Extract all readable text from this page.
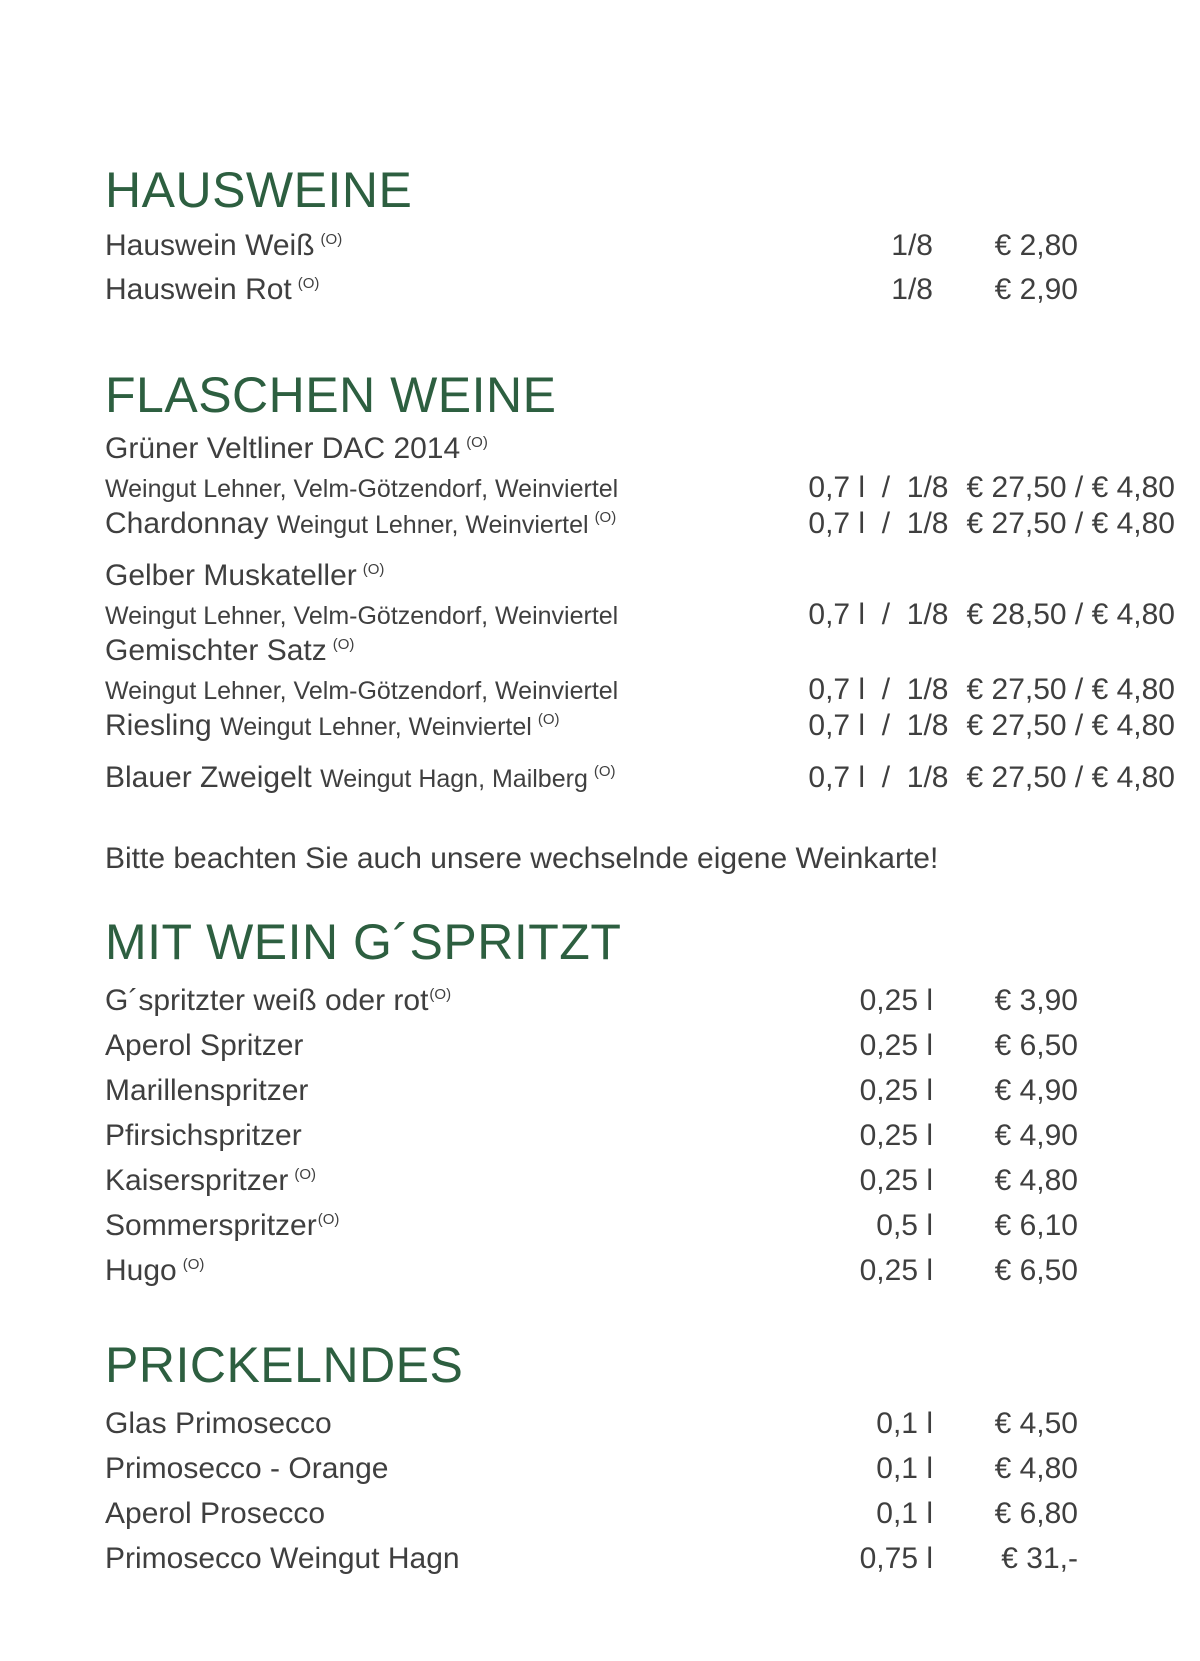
HAUSWEINE
Hauswein Weiß $^{(O)}$	1/8	€ 2,80
Hauswein Rot $^{(O)}$	1/8	€ 2,90
FLASCHEN WEINE
Grüner Veltliner DAC 2014 $^{(O)}$
Weingut Lehner, Velm-Götzendorf, Weinviertel	0,7 l  /  1/8 € 27,50 / € 4,80
Chardonnay Weingut Lehner, Weinviertel $^{(O)}$	0,7 l  /  1/8 € 27,50 / € 4,80
Gelber Muskateller $^{(O)}$
Weingut Lehner, Velm-Götzendorf, Weinviertel	0,7 l  /  1/8 € 28,50 / € 4,80
Gemischter Satz $^{(O)}$
Weingut Lehner, Velm-Götzendorf, Weinviertel	0,7 l  /  1/8 € 27,50 / € 4,80
Riesling Weingut Lehner, Weinviertel $^{(O)}$	0,7 l  /  1/8 € 27,50 / € 4,80
Blauer Zweigelt Weingut Hagn, Mailberg $^{(O)}$	0,7 l  /  1/8 € 27,50 / € 4,80

Bitte beachten Sie auch unsere wechselnde eigene Weinkarte!

MIT WEIN G´SPRITZT
G´spritzter weiß oder rot$^{(O)}$	0,25 l	€ 3,90
Aperol Spritzer	0,25 l	€ 6,50
Marillenspritzer	0,25 l	€ 4,90
Pfirsichspritzer	0,25 l	€ 4,90
Kaiserspritzer $^{(O)}$	0,25 l	€ 4,80
Sommerspritzer$^{(O)}$	0,5 l	€ 6,10
Hugo $^{(O)}$	0,25 l	€ 6,50
PRICKELNDES
Glas Primosecco	0,1 l	€ 4,50
Primosecco - Orange	0,1 l	€ 4,80
Aperol Prosecco	0,1 l	€ 6,80
Primosecco Weingut Hagn	0,75 l	€ 31,-
